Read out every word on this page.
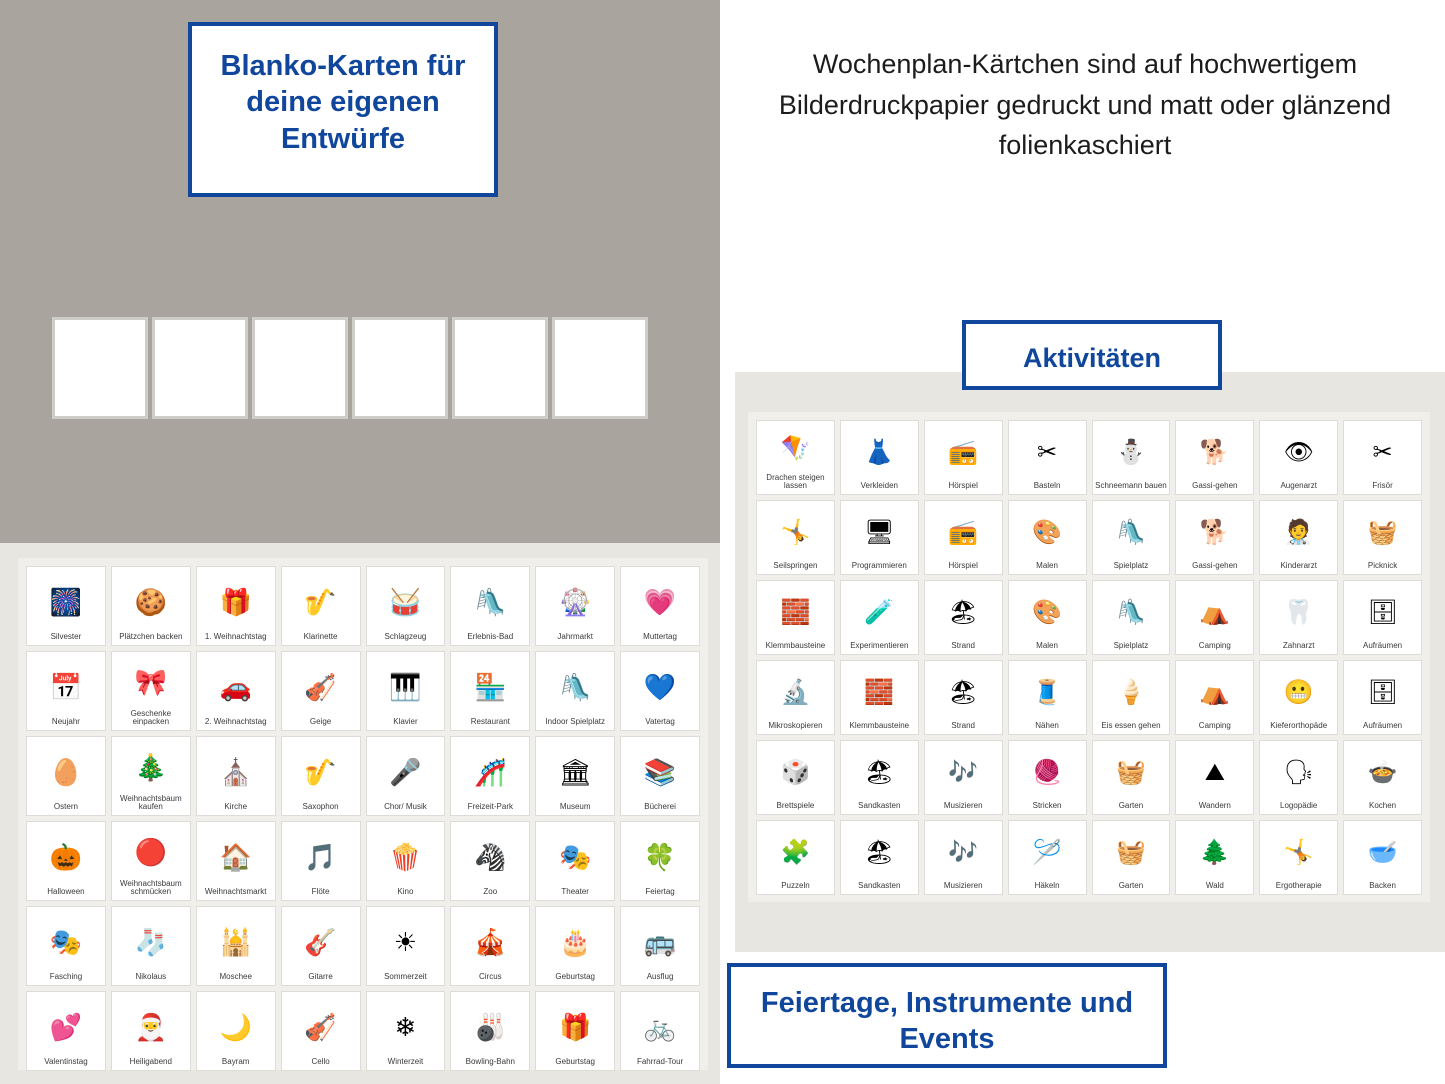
Wochenplan-Kärtchen sind auf hochwertigem Bilderdruckpapier gedruckt und matt oder glänzend folienkaschiert
Blanko-Karten für deine eigenen Entwürfe
Aktivitäten
Feiertage, Instrumente und Events
🎆
Silvester
🍪
Plätzchen backen
🎁
1. Weihnachtstag
🎷
Klarinette
🥁
Schlagzeug
🛝
Erlebnis-Bad
🎡
Jahrmarkt
💗
Muttertag
📅
Neujahr
🎀
Geschenke einpacken
🚗
2. Weihnachtstag
🎻
Geige
🎹
Klavier
🏪
Restaurant
🛝
Indoor Spielplatz
💙
Vatertag
🥚
Ostern
🎄
Weihnachtsbaum kaufen
⛪
Kirche
🎷
Saxophon
🎤
Chor/ Musik
🎢
Freizeit-Park
🏛
Museum
📚
Bücherei
🎃
Halloween
🔴
Weihnachtsbaum schmücken
🏠
Weihnachtsmarkt
🎵
Flöte
🍿
Kino
🦓
Zoo
🎭
Theater
🍀
Feiertag
🎭
Fasching
🧦
Nikolaus
🕌
Moschee
🎸
Gitarre
☀
Sommerzeit
🎪
Circus
🎂
Geburtstag
🚌
Ausflug
💕
Valentinstag
🎅
Heiligabend
🌙
Bayram
🎻
Cello
❄
Winterzeit
🎳
Bowling-Bahn
🎁
Geburtstag
🚲
Fahrrad-Tour
🪁
Drachen steigen lassen
👗
Verkleiden
📻
Hörspiel
✂
Basteln
⛄
Schneemann bauen
🐕
Gassi-gehen
👁
Augenarzt
✂
Frisör
🤸
Seilspringen
🖥
Programmieren
📻
Hörspiel
🎨
Malen
🛝
Spielplatz
🐕
Gassi-gehen
🧑‍⚕
Kinderarzt
🧺
Picknick
🧱
Klemmbausteine
🧪
Experimentieren
🏖
Strand
🎨
Malen
🛝
Spielplatz
⛺
Camping
🦷
Zahnarzt
🗄
Aufräumen
🔬
Mikroskopieren
🧱
Klemmbausteine
🏖
Strand
🧵
Nähen
🍦
Eis essen gehen
⛺
Camping
😬
Kieferorthopäde
🗄
Aufräumen
🎲
Brettspiele
🏖
Sandkasten
🎶
Musizieren
🧶
Stricken
🧺
Garten
⛰
Wandern
🗣
Logopädie
🍲
Kochen
🧩
Puzzeln
🏖
Sandkasten
🎶
Musizieren
🪡
Häkeln
🧺
Garten
🌲
Wald
🤸
Ergotherapie
🥣
Backen
